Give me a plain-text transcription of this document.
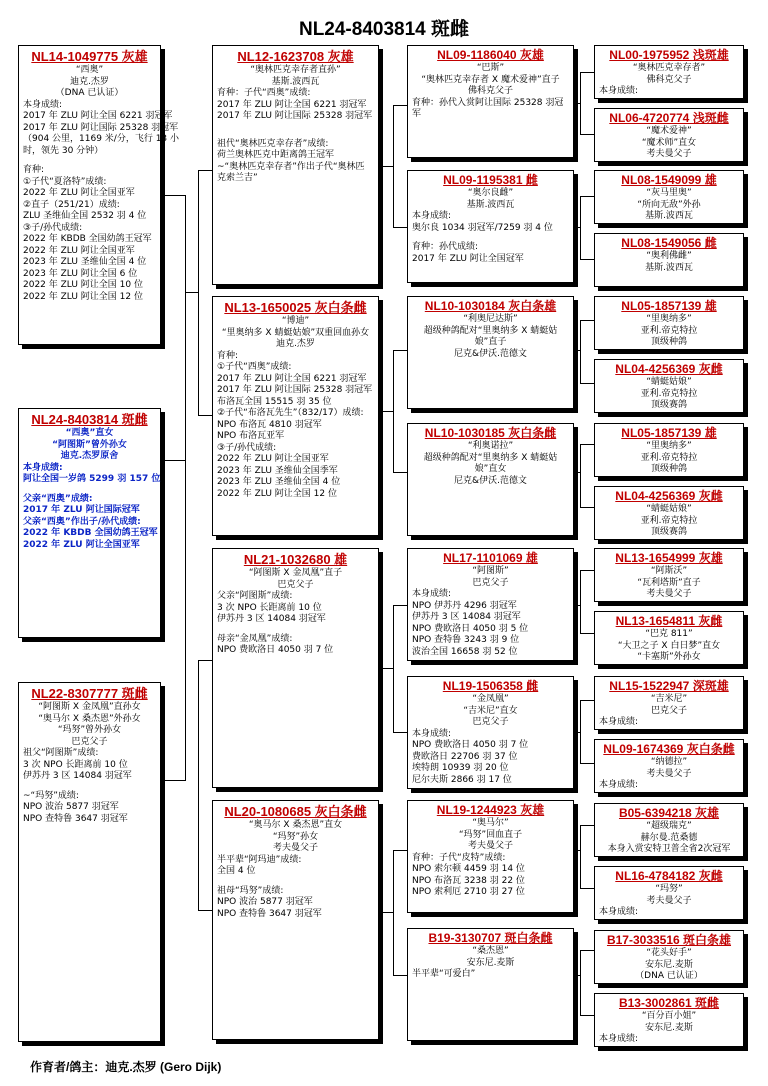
NL24-8403814 斑雌
NL14-1049775 灰雄
“西奥”
迪克.杰罗
（DNA 已认证）
本身成绩:
2017 年 ZLU 阿让全国 6221 羽冠军
2017 年 ZLU 阿让国际 25328 羽冠军
（904 公里，1169 米/分，飞行 13 小
时，领先 30 分钟）
育种:
①子代“夏洛特”成绩:
2022 年 ZLU 阿让全国亚军
②直子（251/21）成绩:
ZLU 圣维仙全国 2532 羽 4 位
③子/孙代成绩:
2022 年 KBDB 全国幼鸽王冠军
2022 年 ZLU 阿让全国亚军
2023 年 ZLU 圣维仙全国 4 位
2023 年 ZLU 阿让全国 6 位
2022 年 ZLU 阿让全国 10 位
2022 年 ZLU 阿让全国 12 位
NL24-8403814 斑雌
“西奥”直女
“阿图斯”曾外孙女
迪克.杰罗原舍
本身成绩:
阿让全国一岁鸽 5299 羽 157 位
父亲“西奥”成绩:
2017 年 ZLU 阿让国际冠军
父亲“西奥”作出子/孙代成绩:
2022 年 KBDB 全国幼鸽王冠军
2022 年 ZLU 阿让全国亚军
NL22-8307777 斑雌
“阿图斯 X 金凤凰”直孙女
“奥马尔 X 桑杰恩”外孙女
“玛努”曾外孙女
巴克父子
祖父“阿图斯”成绩:
3 次 NPO 长距离前 10 位
伊苏丹 3 区 14084 羽冠军
~“玛努”成绩:
NPO 波治 5877 羽冠军
NPO 查特鲁 3647 羽冠军
NL12-1623708 灰雄
“奥林匹克幸存者直孙”
基斯.波西瓦
育种：子代“西奥”成绩:
2017 年 ZLU 阿让全国 6221 羽冠军
2017 年 ZLU 阿让国际 25328 羽冠军
祖代“奥林匹克幸存者”成绩:
荷兰奥林匹克中距离鸽王冠军
~“奥林匹克幸存者”作出子代“奥林匹
克索兰吉”
NL13-1650025 灰白条雌
“博迪”
“里奥纳多 X 蜻蜓姑娘”双重回血孙女
迪克.杰罗
育种:
①子代“西奥”成绩:
2017 年 ZLU 阿让全国 6221 羽冠军
2017 年 ZLU 阿让国际 25328 羽冠军
布洛瓦全国 15515 羽 35 位
②子代“布洛瓦先生”（832/17）成绩:
NPO 布洛瓦 4810 羽冠军
NPO 布洛瓦亚军
③子/孙代成绩:
2022 年 ZLU 阿让全国亚军
2023 年 ZLU 圣维仙全国季军
2023 年 ZLU 圣维仙全国 4 位
2022 年 ZLU 阿让全国 12 位
NL21-1032680 雄
“阿图斯 X 金凤凰”直子
巴克父子
父亲“阿图斯”成绩:
3 次 NPO 长距离前 10 位
伊苏丹 3 区 14084 羽冠军
母亲“金凤凰”成绩:
NPO 费欧洛日 4050 羽 7 位
NL20-1080685 灰白条雌
“奥马尔 X 桑杰恩”直女
“玛努”孙女
考夫曼父子
半平辈“阿玛迪”成绩:
全国 4 位
祖母“玛努”成绩:
NPO 波治 5877 羽冠军
NPO 查特鲁 3647 羽冠军
NL09-1186040 灰雄
“巴斯”
“奥林匹克幸存者 X 魔术爱神”直子
佛科克父子
育种：孙代入赏阿让国际 25328 羽冠
军
NL09-1195381 雌
“奥尔良雌”
基斯.波西瓦
本身成绩:
奥尔良 1034 羽冠军/7259 羽 4 位
育种：孙代成绩:
2017 年 ZLU 阿让全国冠军
NL10-1030184 灰白条雄
“利奥尼达斯”
超级种鸽配对“里奥纳多 X 蜻蜓姑
娘”直子
尼克&伊沃.范德文
NL10-1030185 灰白条雌
“利奥诺拉”
超级种鸽配对“里奥纳多 X 蜻蜓姑
娘”直女
尼克&伊沃.范德文
NL17-1101069 雄
“阿图斯”
巴克父子
本身成绩:
NPO 伊苏丹 4296 羽冠军
伊苏丹 3 区 14084 羽冠军
NPO 费欧洛日 4050 羽 5 位
NPO 查特鲁 3243 羽 9 位
波治全国 16658 羽 52 位
NL19-1506358 雌
“金凤凰”
“吉米尼”直女
巴克父子
本身成绩:
NPO 费欧洛日 4050 羽 7 位
费欧洛日 22706 羽 37 位
埃特朗 10939 羽 20 位
尼尔夫斯 2866 羽 17 位
NL19-1244923 灰雄
“奥马尔”
“玛努”回血直子
考夫曼父子
育种：子代“皮特”成绩:
NPO 索尔顿 4459 羽 14 位
NPO 布洛瓦 3238 羽 22 位
NPO 索利厄 2710 羽 27 位
B19-3130707 斑白条雌
“桑杰恩”
安东尼.麦斯
半平辈“可爱白”
NL00-1975952 浅斑雄
“奥林匹克幸存者”
佛科克父子
本身成绩:
NL06-4720774 浅斑雌
“魔术爱神”
“魔术师”直女
考夫曼父子
NL08-1549099 雄
“灰马里奥”
“所向无敌”外孙
基斯.波西瓦
NL08-1549056 雌
“奥利佛雌”
基斯.波西瓦
NL05-1857139 雄
“里奥纳多”
亚利.帝克特拉
顶级种鸽
NL04-4256369 灰雌
“蜻蜓姑娘”
亚利.帝克特拉
顶级赛鸽
NL05-1857139 雄
“里奥纳多”
亚利.帝克特拉
顶级种鸽
NL04-4256369 灰雌
“蜻蜓姑娘”
亚利.帝克特拉
顶级赛鸽
NL13-1654999 灰雄
“阿斯沃”
“瓦利塔斯”直子
考夫曼父子
NL13-1654811 灰雌
“巴克 811”
“大卫之子 X 白日梦”直女
“卡塞斯”外孙女
NL15-1522947 深斑雄
“吉米尼”
巴克父子
本身成绩:
NL09-1674369 灰白条雌
“纳德拉”
考夫曼父子
本身成绩:
B05-6394218 灰雄
“超级瑞克”
赫尔曼.范桑德
本身入赏安特卫普全省2次冠军
NL16-4784182 灰雌
“玛努”
考夫曼父子
本身成绩:
B17-3033516 斑白条雄
“花头好手”
安东尼.麦斯
（DNA 已认证）
B13-3002861 斑雌
“百分百小姐”
安东尼.麦斯
本身成绩:
作育者/鸽主：迪克.杰罗 (Gero Dijk)
